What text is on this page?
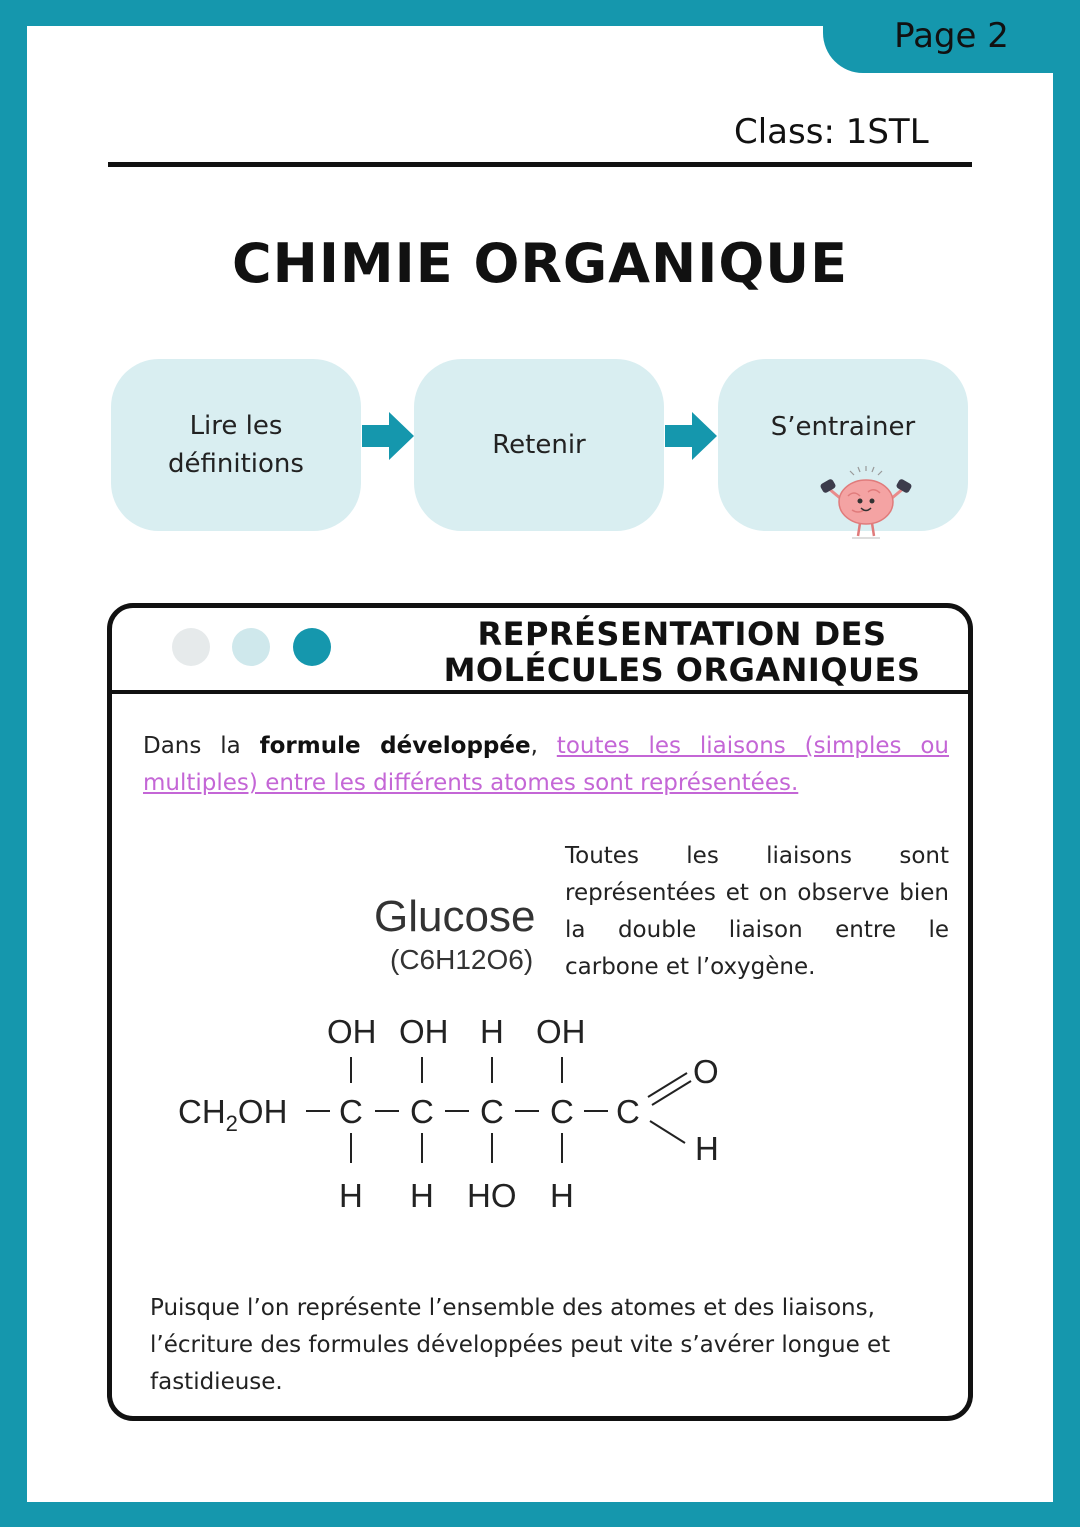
Page 2
Class: 1STL
CHIMIE ORGANIQUE
Lire les
définitions
Retenir
S’entrainer
REPRÉSENTATION DES
MOLÉCULES ORGANIQUES
Dans la formule développée, toutes les liaisons (simples ou multiples) entre les différents atomes sont représentées.
Glucose
(C6H12O6)
Toutes les liaisons sont représentées et on observe bien la double liaison entre le carbone et l’oxygène.
OH OH H OH
$CH_2OH$ C C C C C
O
H
H H HO H
Puisque l’on représente l’ensemble des atomes et des liaisons, l’écriture des formules développées peut vite s’avérer longue et fastidieuse.
